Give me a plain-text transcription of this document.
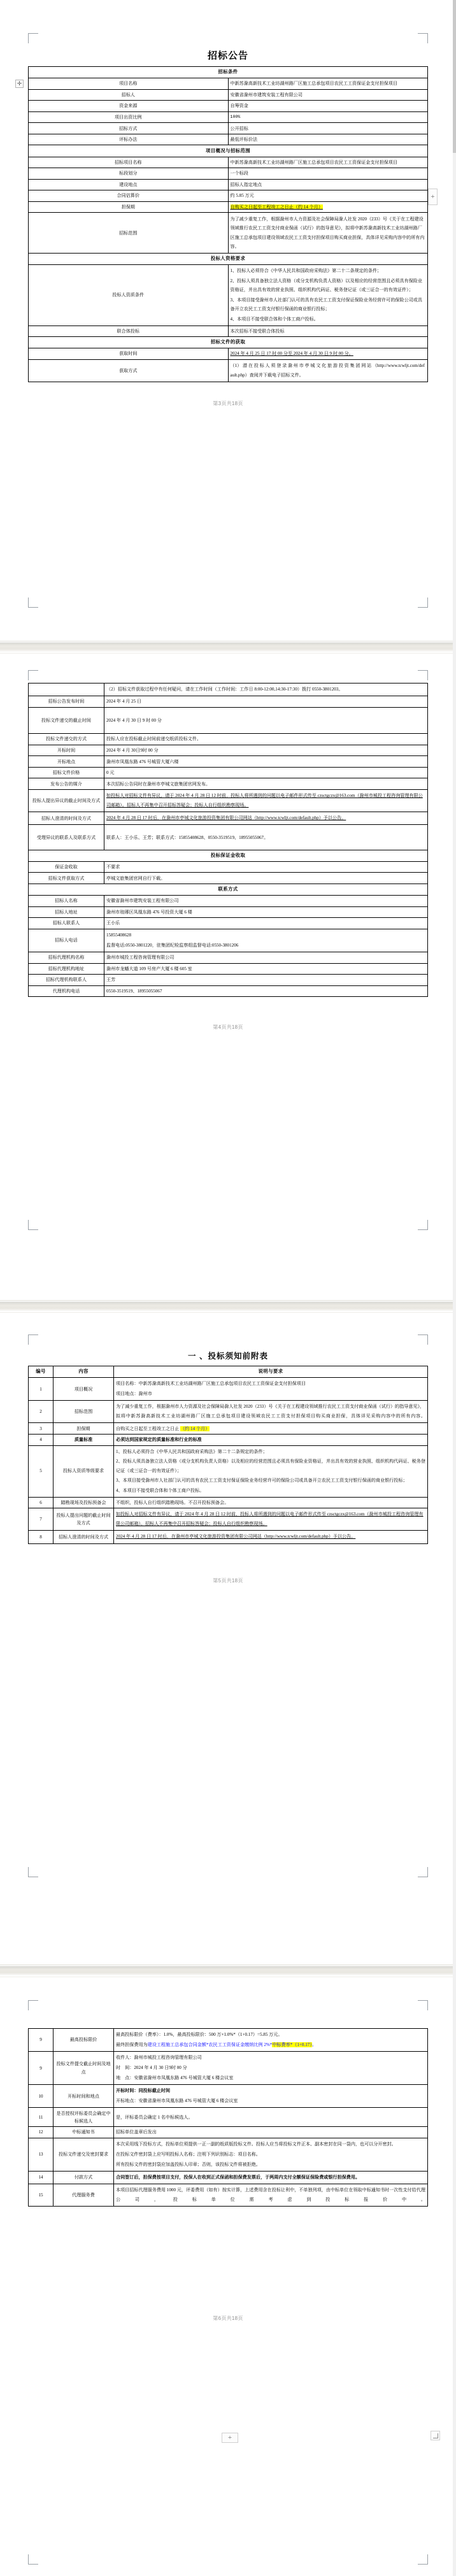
✛
+
招标公告
招标条件	
项目名称	中新苏滁高新技术工业坊湖州路厂区施工总承包项目农民工工资保证金支付担保项目
招标人	安徽省滁州市建筑安装工程有限公司
资金来源	自筹资金
项目出资比例	100%
招标方式	公开招标
评标办法	最低评标价法
项目概况与招标范围	
招标项目名称	中新苏滁高新技术工业坊湖州路厂区施工总承包项目农民工工资保证金支付担保项目
标段划分	一个标段
建设地点	招标人指定地点
合同估算价	约 5.85 万元
担保期	自购买之日起至工程竣工之日止（约 14 个月）
招标范围	为了减少重复工作，根据滁州市人力资源及社会保障局滁人社发 2020（233）号《关于在工程建设领域推行农民工工资支付商业保函（试行）的指导意见》，拟将中新苏滁高新技术工业坊湖州路厂区施工总承包项目建设领域农民工工资支付担保项目购买商业担保，具体详见采购内容中的所有内容。
投标人资格要求	
投标人资质条件	1、投标人必须符合《中华人民共和国政府采购法》第二十二条规定的条件；

2、投标人须具备独立法人资格（或分支机构负责人资格）以及相应的经营范围且必须具有保险业资格证，并出具有效的营业执照、组织机构代码证、税务登记证（或三证合一的有效证件）；

3、本项目接受滁州市人社部门认可的具有农民工工资支付保证保险业务经营许可的保险公司或具备开立农民工工资支付银行保函的商业银行投标；

4、本项目不接受联合体和个体工商户投标。

联合体投标	本次招标不接受联合体投标
招标文件的获取	
获取时间	2024 年 4 月 25 日 17 时 00 分至 2024 年 4 月 30 日 9 时 00 分。
获取方式	（1） 潜 在 投 标 人 须 登 录 滁 州 市 亭 城 文 化 旅 游 投 资 集 团 网 站 （http://www.tcwljt.com/default.php）查阅并下载电子招标文件。
第3页共18页
	（2）招标文件获取过程中有任何疑问，请在工作时间（工作时间：工作日 8:00-12:00,14:30-17:30）拨打 0550-3801203。
招标公告发布时间	2024 年 4 月 25 日
投标文件递交的截止时间	2024 年 4 月 30 日 9 时 00 分
投标文件递交的方式	投标人应在投标截止时间前递交纸质投标文件。
开标时间	2024 年 4 月 30日9时 00 分
开标地点	滁州市凤凰东路 476 号城管大厦六楼
招标文件价格	0 元
发布公告的媒介	本次招标公告同时在滁州市亭城文旅集团官网发布。
投标人提出异议的截止时间及方式	如投标人对招标文件有异议，请于 2024 年 4 月 28 日 12 时前，投标人将所遇到的问题以电子邮件形式传至 czsctgczx@163.com（滁州市城投工程咨询管理有限公司邮箱）。招标人不再集中召开招标答疑会；投标人自行组织勘察现场。
招标人澄清的时间及方式	2024 年 4 月 28 日 17 时后，在滁州市亭城文化旅游投资集团有限公司网站（http://www.tcwljt.com/default.php）予以公告。
受理异议的联系人及联系方式	联系人：王小乐、王芳；联系方式：15855408628、0550-3519519、18955055067。
投标保证金收取	
保证金收取	不要求
招标文件获取方式	亭城文旅集团官网自行下载。
联系方式	
招标人名称	安徽省滁州市建筑安装工程有限公司
招标人地址	滁州市琅琊区凤凰东路 476 号投资大厦 6 楼
招标人联系人	王小乐
招标人电话	15855408628

监督电话:0550-3801220，驻集团纪检监察组监督电话:0550-3801206

招标代理机构名称	滁州市城投工程咨询管理有限公司
招标代理机构地址	滁州市龙蟠大道 109 号房产大厦 6 楼 605 室
招标代理机构联系人	王芳
代理机构电话	0550-3519519、18955055067
第4页共18页
一 、投标须知前附表
编号	内容	说明与要求
1	项目概况	项目名称：中新苏滁高新技术工业坊湖州路厂区施工总承包项目农民工工资保证金支付担保项目

项目地点：滁州市

2	招标范围	为了减少重复工作，根据滁州市人力资源及社会保障局滁人社发 2020（233）号《关于在工程建设领域推行农民工工资支付商业保函（试行）的指导意见》，拟将中新苏滁高新技术工业坊湖州路厂区施工总承包项目建设领域农民工工资支付担保项目购买商业担保，具体详见采购内容中的所有内容。
3	担保期	自购买之日起至工程竣工之日止 （约 14 个月）
4	质量标准	必须达到国家规定的质量标准和行业的标准
5	投标人资质等级要求	1、投标人必须符合《中华人民共和国政府采购法》第二十二条规定的条件；

2、投标人须具备独立法人资格（或分支机构负责人资格）以及相应的经营范围且必须具有保险业资格证，并出具有效的营业执照、组织机构代码证、税务登记证（或三证合一的有效证件）；

3、本项目接受滁州市人社部门认可的具有农民工工资支付保证保险业务经营许可的保险公司或具备开立农民工工资支付银行保函的商业银行投标；

4、本项目不接受联合体和个体工商户投标。

6	踏勘现场及投标预备会	不组织，投标人自行组织踏勘现场。不召开投标预备会。
7	投标人提出问题的截止时间及方式	如投标人对招标文件有异议，请于 2024 年 4 月 28 日 12 时前，投标人将所遇到的问题以电子邮件形式传至 czsctgczx@163.com（滁州市城投工程咨询管理有限公司邮箱）。招标人不再集中召开招标答疑会；投标人自行组织勘察现场。
8	招标人澄清的时间及方式	2024 年 4 月 28 日 17 时后，在滁州市亭城文化旅游投资集团有限公司网站（http://www.tcwljt.com/default.php）予以公告。
第5页共18页
+
9	最高投标限价	最高投标限价（费率）：1.0%，最高投标限价：500 万×1.0%*（1+0.17）=5.85 万元。

最终担保费用为建设工程施工总承包合同金额*农民工工资保证金缴纳比例 2%*中标费率*（1+0.17）。

9	投标文件提交截止时间及地点	收件人：滁州市城投工程咨询管理有限公司

时　间：2024 年 4 月 30 日9时 00 分

地　点：安徽省滁州市凤凰东路 476 号城管大厦 6 楼会议室

10	开标时间和地点	开标时间：同投标截止时间

开标地点：安徽省滁州市凤凰东路 476 号城管大厦 6 楼会议室

11	是否授权评标委员会确定中标候选人	是，评标委员会确定 1 名中标候选人。
12	中标通知书	招标单位盖章后发出
13	投标文件递交及密封要求	本次采用线下投标方式，投标单位须提供一正一副的纸质版投标文件。投标人应当将投标文件正本、副本密封在同一袋内，也可以分开密封。

在投标文件密封袋上应写明投标人名称；注明下列识别标志：项目名称。

所有投标文件的密封袋应加盖投标人印章；否则，该投标文件将被拒绝。

14	付款方式	合同签订后，担保费按项目支付，投保人在收到正式保函和担保费发票后，于两周内支付全额保证保险费或银行担保费用。
15	代理服务费	本项目招标代理服务费用 1000 元，评委费用（如有）按实计算，上述费用含在投标让利中，不单独列项，由中标单位在领取中标通知书时一次性支付给代理公司，投标单位需考虑到投标报价中。
第6页共18页
